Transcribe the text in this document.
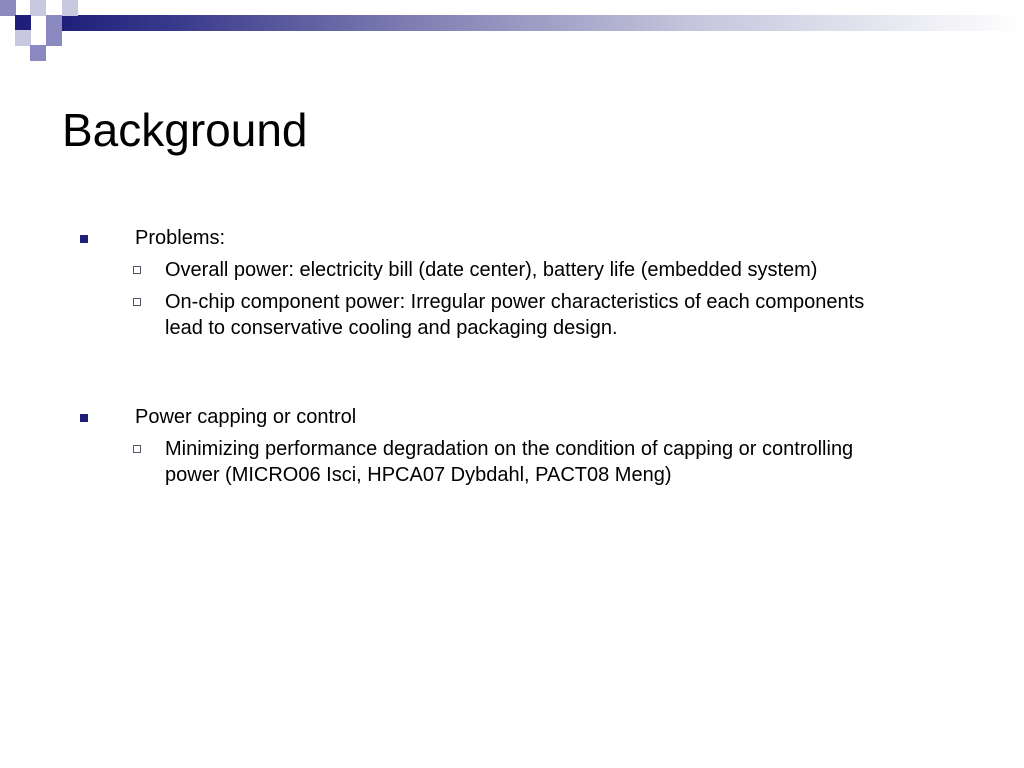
Background
Problems:
Overall power: electricity bill (date center), battery life (embedded system)
On-chip component power: Irregular power characteristics of each components lead to conservative cooling and packaging design.
Power capping or control
Minimizing performance degradation on the condition of capping or controlling power (MICRO06 Isci, HPCA07 Dybdahl, PACT08 Meng)
